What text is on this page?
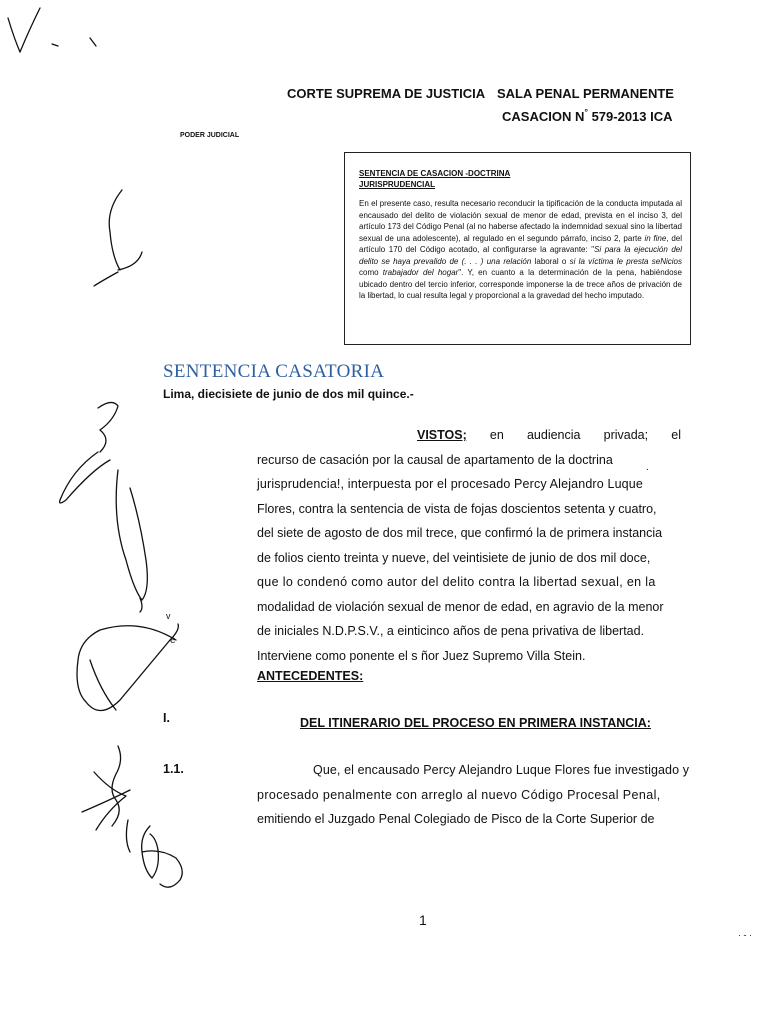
CORTE SUPREMA DE JUSTICIA SALA PENAL PERMANENTE
CASACION N° 579-2013 ICA
PODER JUDICIAL
SENTENCIA DE CASACION -DOCTRINA
JURISPRUDENCIAL
En el presente caso, resulta necesario reconducir la tipificación de la conducta imputada al encausado del delito de violación sexual de menor de edad, prevista en el inciso 3, del artículo 173 del Código Penal (al no haberse afectado la indemnidad sexual sino la libertad sexual de una adolescente), al regulado en el segundo párrafo, inciso 2, parte in fine, del artículo 170 del Código acotado, al configurarse la agravante: "Si para la ejecución del delito se haya prevalido de (. . . ) una relación laboral o si la víctima le presta seNicios como trabajador del hogar". Y, en cuanto a la determinación de la pena, habiéndose ubicado dentro del tercio inferior, corresponde imponerse la de trece años de privación de la libertad, lo cual resulta legal y proporcional a la gravedad del hecho imputado.
SENTENCIA CASATORIA
Lima, diecisiete de junio de dos mil quince.-
VISTOS; en audiencia privada; el
recurso de casación por la causal de apartamento de la doctrina
jurisprudencia!, interpuesta por el procesado Percy Alejandro Luque
Flores, contra la sentencia de vista de fojas doscientos setenta y cuatro,
del siete de agosto de dos mil trece, que confirmó la de primera instancia
de folios ciento treinta y nueve, del veintisiete de junio de dos mil doce,
que lo condenó como autor del delito contra la libertad sexual, en la
modalidad de violación sexual de menor de edad, en agravio de la menor
de iniciales N.D.P.S.V., a einticinco años de pena privativa de libertad.
Interviene como ponente el s ñor Juez Supremo Villa Stein.
ANTECEDENTES:
I.	DEL ITINERARIO DEL PROCESO EN PRIMERA INSTANCIA:
1.1.	Que, el encausado Percy Alejandro Luque Flores fue investigado y
procesado penalmente con arreglo al nuevo Código Procesal Penal,
emitiendo el Juzgado Penal Colegiado de Pisco de la Corte Superior de
v
e
· - ·
.
1
